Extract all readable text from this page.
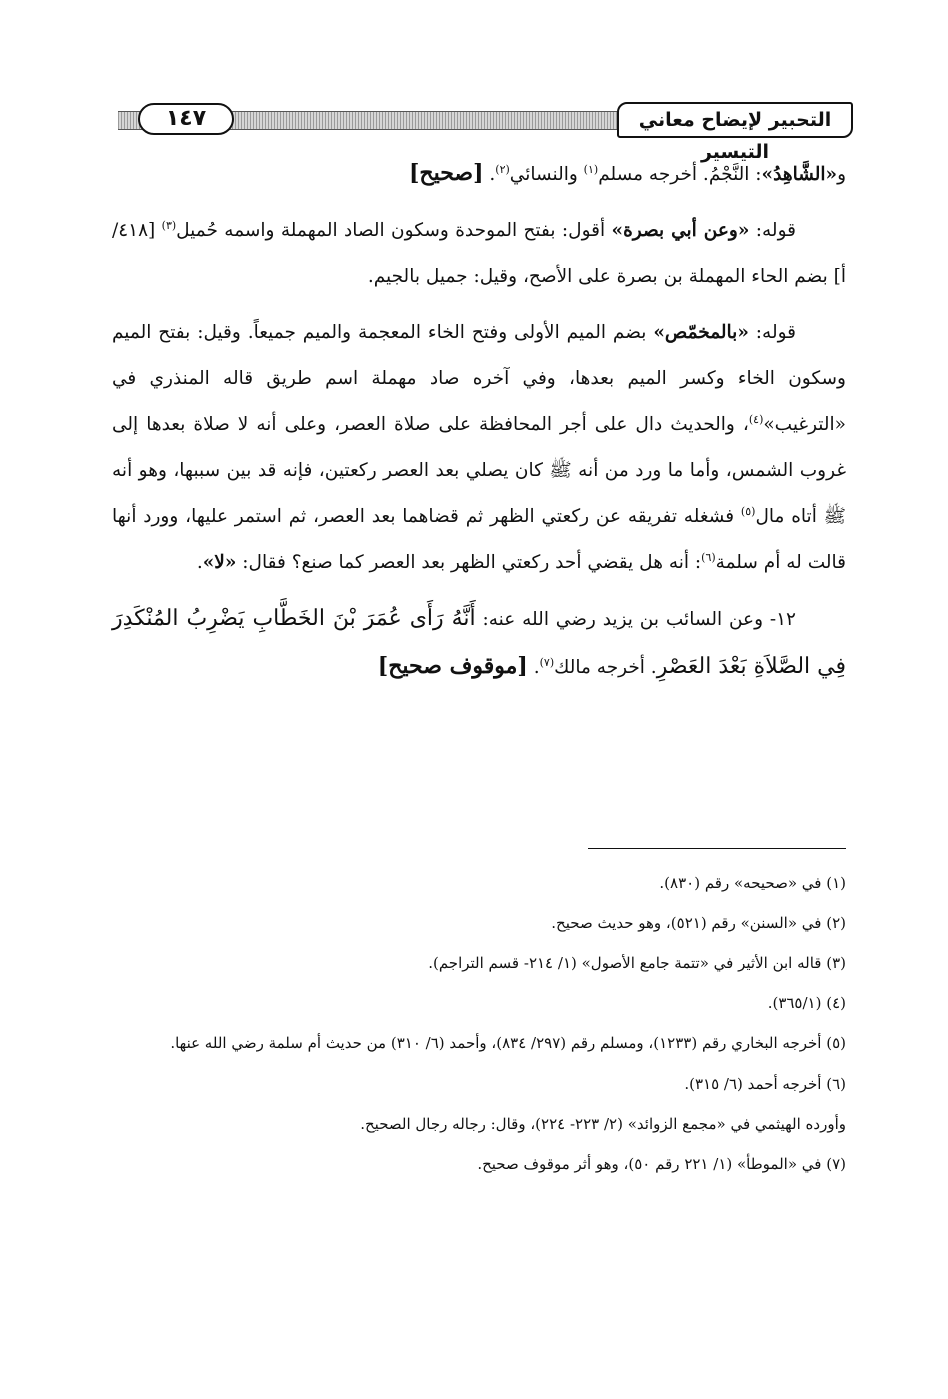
١٤٧	التحبير لإيضاح معاني التيسير

و«الشَّاهِدُ»: النَّجْمُ. أخرجه مسلم$^{(١)}$ والنسائي$^{(٢)}$. [صحيح]

قوله: «وعن أبي بصرة» أقول: بفتح الموحدة وسكون الصاد المهملة واسمه حُميل$^{(٣)}$ [٤١٨/ أ] بضم الحاء المهملة بن بصرة على الأصح، وقيل: جميل بالجيم.

قوله: «بالمخمّص» بضم الميم الأولى وفتح الخاء المعجمة والميم جميعاً. وقيل: بفتح الميم وسكون الخاء وكسر الميم بعدها، وفي آخره صاد مهملة اسم طريق قاله المنذري في «الترغيب»$^{(٤)}$، والحديث دال على أجر المحافظة على صلاة العصر، وعلى أنه لا صلاة بعدها إلى غروب الشمس، وأما ما ورد من أنه ﷺ كان يصلي بعد العصر ركعتين، فإنه قد بين سببها، وهو أنه ﷺ أتاه مال$^{(٥)}$ فشغله تفريقه عن ركعتي الظهر ثم قضاهما بعد العصر، ثم استمر عليها، وورد أنها قالت له أم سلمة$^{(٦)}$: أنه هل يقضي أحد ركعتي الظهر بعد العصر كما صنع؟ فقال: «لا».

١٢- وعن السائب بن يزيد رضي الله عنه: أَنَّهُ رَأَى عُمَرَ بْنَ الخَطَّابِ يَضْرِبُ المُنْكَدِرَ فِي الصَّلاَةِ بَعْدَ العَصْرِ. أخرجه مالك$^{(٧)}$. [موقوف صحيح]

(١) في «صحيحه» رقم (٨٣٠).
(٢) في «السنن» رقم (٥٢١)، وهو حديث صحيح.
(٣) قاله ابن الأثير في «تتمة جامع الأصول» (١/ ٢١٤- قسم التراجم).
(٤) (٣٦٥/١).
(٥) أخرجه البخاري رقم (١٢٣٣)، ومسلم رقم (٢٩٧/ ٨٣٤)، وأحمد (٦/ ٣١٠) من حديث أم سلمة رضي الله عنها.
(٦) أخرجه أحمد (٦/ ٣١٥).
وأورده الهيثمي في «مجمع الزوائد» (٢/ ٢٢٣- ٢٢٤)، وقال: رجاله رجال الصحيح.
(٧) في «الموطأ» (١/ ٢٢١ رقم ٥٠)، وهو أثر موقوف صحيح.
